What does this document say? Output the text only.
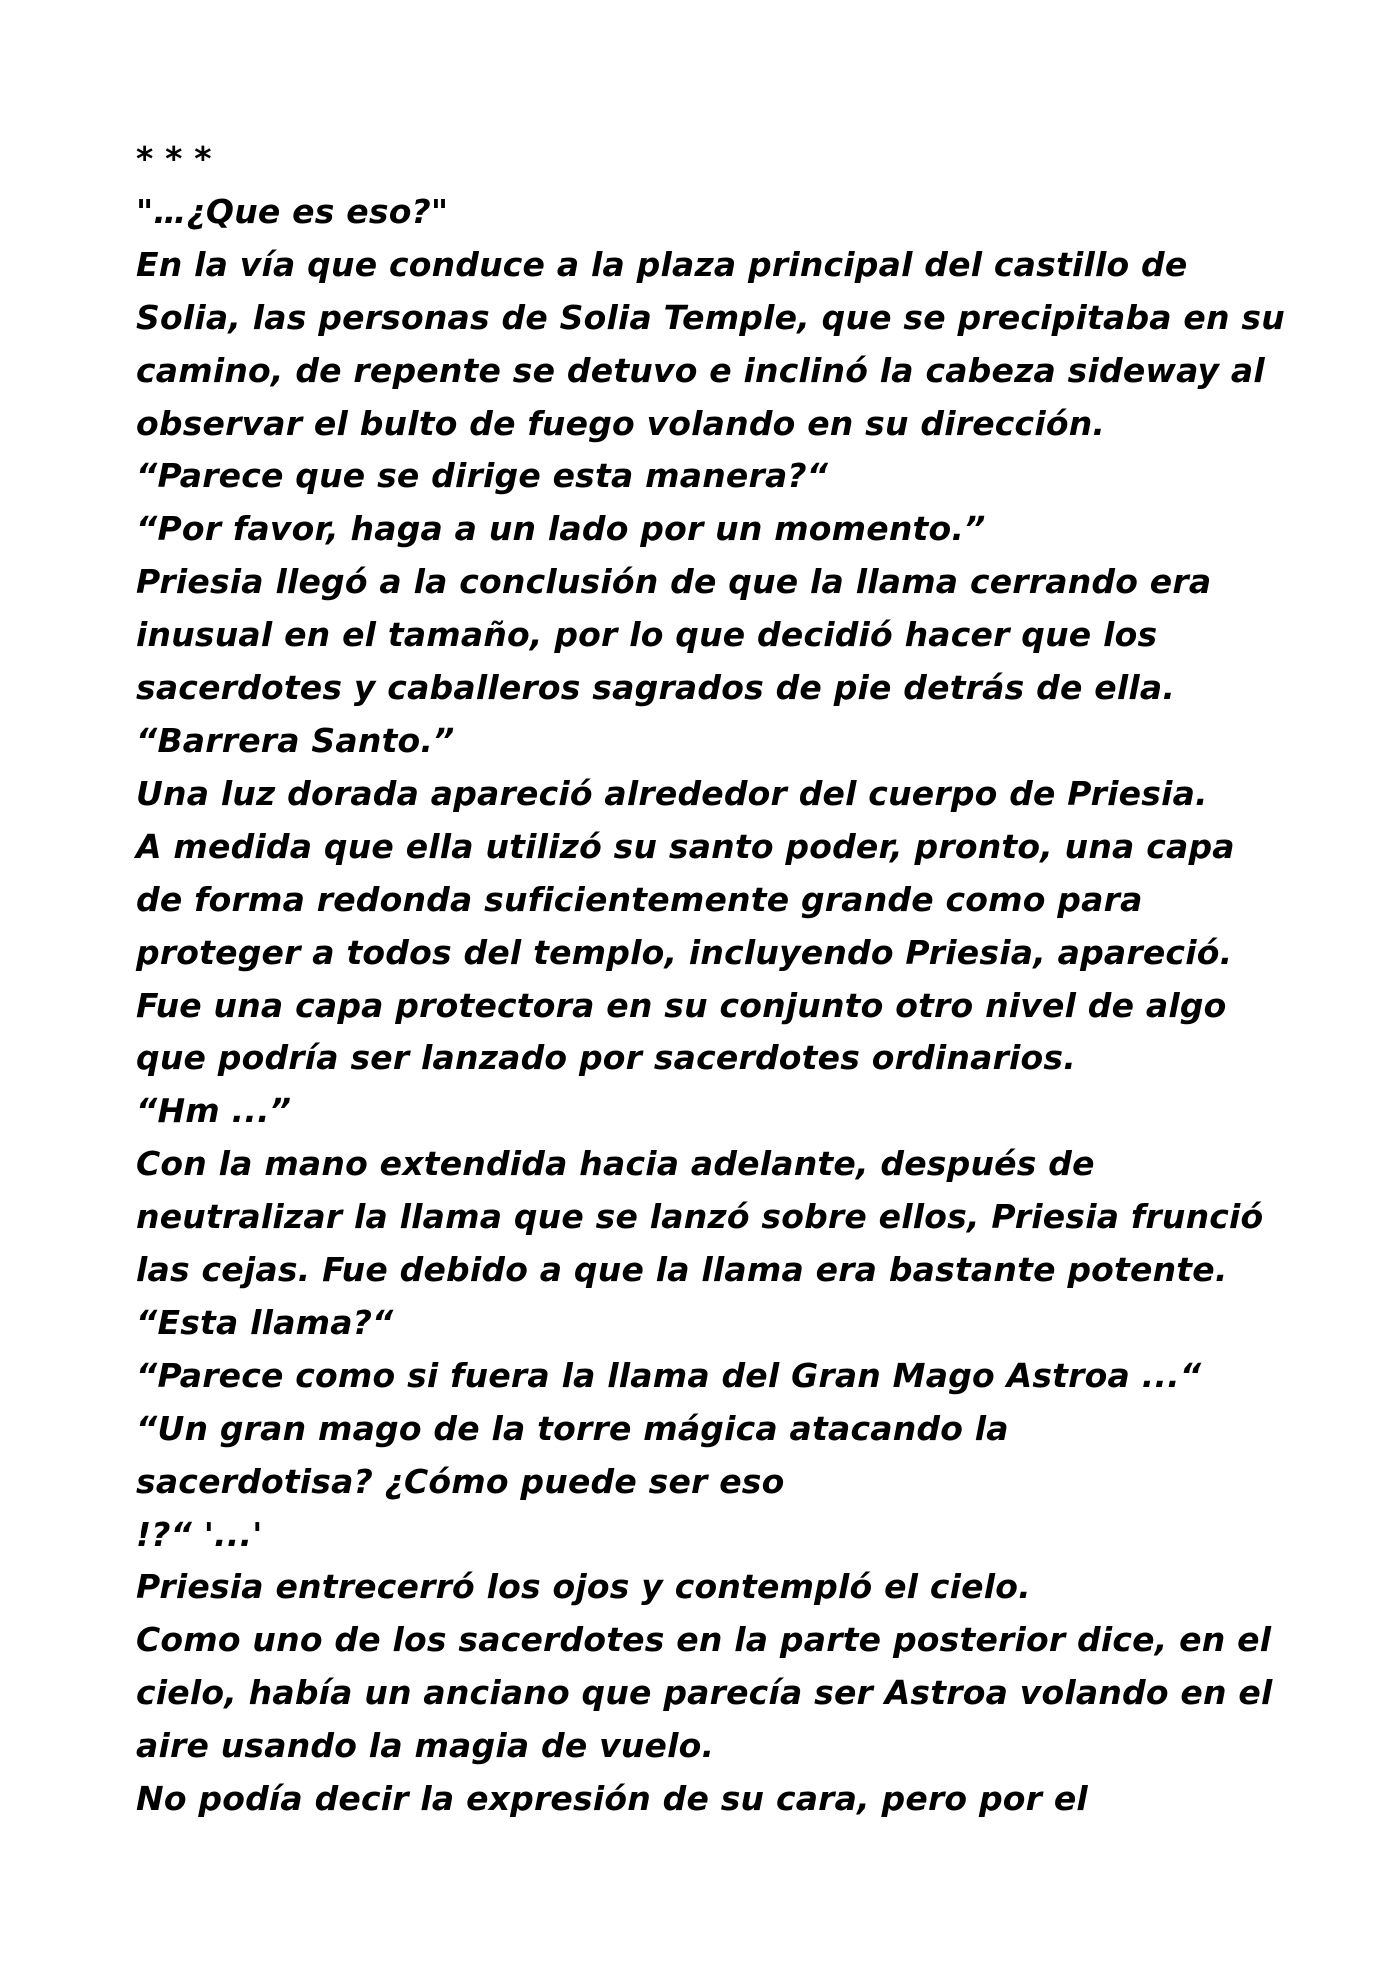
* * *
"…¿Que es eso?"
En la vía que conduce a la plaza principal del castillo de
Solia, las personas de Solia Temple, que se precipitaba en su
camino, de repente se detuvo e inclinó la cabeza sideway al
observar el bulto de fuego volando en su dirección.
“Parece que se dirige esta manera?“
“Por favor, haga a un lado por un momento.”
Priesia llegó a la conclusión de que la llama cerrando era
inusual en el tamaño, por lo que decidió hacer que los
sacerdotes y caballeros sagrados de pie detrás de ella.
“Barrera Santo.”
Una luz dorada apareció alrededor del cuerpo de Priesia.
A medida que ella utilizó su santo poder, pronto, una capa
de forma redonda suficientemente grande como para
proteger a todos del templo, incluyendo Priesia, apareció.
Fue una capa protectora en su conjunto otro nivel de algo
que podría ser lanzado por sacerdotes ordinarios.
“Hm ...”
Con la mano extendida hacia adelante, después de
neutralizar la llama que se lanzó sobre ellos, Priesia frunció
las cejas. Fue debido a que la llama era bastante potente.
“Esta llama?“
“Parece como si fuera la llama del Gran Mago Astroa ...“
“Un gran mago de la torre mágica atacando la
sacerdotisa? ¿Cómo puede ser eso
!?“ '...'
Priesia entrecerró los ojos y contempló el cielo.
Como uno de los sacerdotes en la parte posterior dice, en el
cielo, había un anciano que parecía ser Astroa volando en el
aire usando la magia de vuelo.
No podía decir la expresión de su cara, pero por el
